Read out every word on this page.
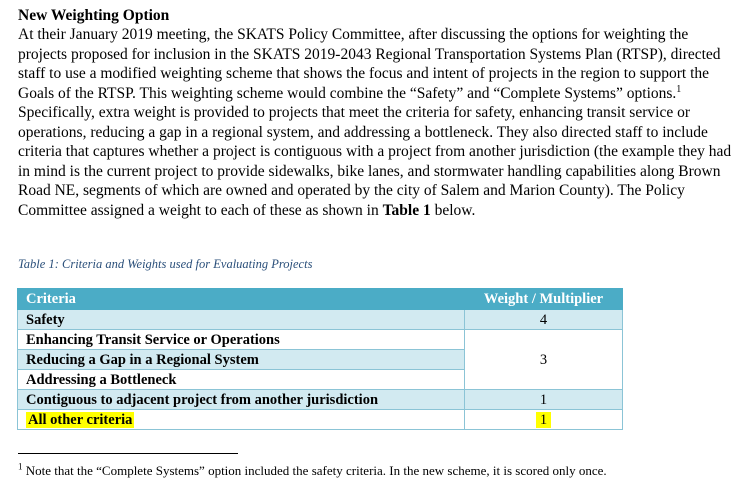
New Weighting Option

At their January 2019 meeting, the SKATS Policy Committee, after discussing the options for weighting the projects proposed for inclusion in the SKATS 2019-2043 Regional Transportation Systems Plan (RTSP), directed staff to use a modified weighting scheme that shows the focus and intent of projects in the region to support the Goals of the RTSP. This weighting scheme would combine the “Safety” and “Complete Systems” options.$^1$ Specifically, extra weight is provided to projects that meet the criteria for safety, enhancing transit service or operations, reducing a gap in a regional system, and addressing a bottleneck. They also directed staff to include criteria that captures whether a project is contiguous with a project from another jurisdiction (the example they had in mind is the current project to provide sidewalks, bike lanes, and stormwater handling capabilities along Brown Road NE, segments of which are owned and operated by the city of Salem and Marion County). The Policy Committee assigned a weight to each of these as shown in Table 1 below.

Table 1: Criteria and Weights used for Evaluating Projects
Criteria	Weight / Multiplier
Safety	4
Enhancing Transit Service or Operations	3
Reducing a Gap in a Regional System	
Addressing a Bottleneck	
Contiguous to adjacent project from another jurisdiction	1
All other criteria	1
$^1$ Note that the “Complete Systems” option included the safety criteria. In the new scheme, it is scored only once.
